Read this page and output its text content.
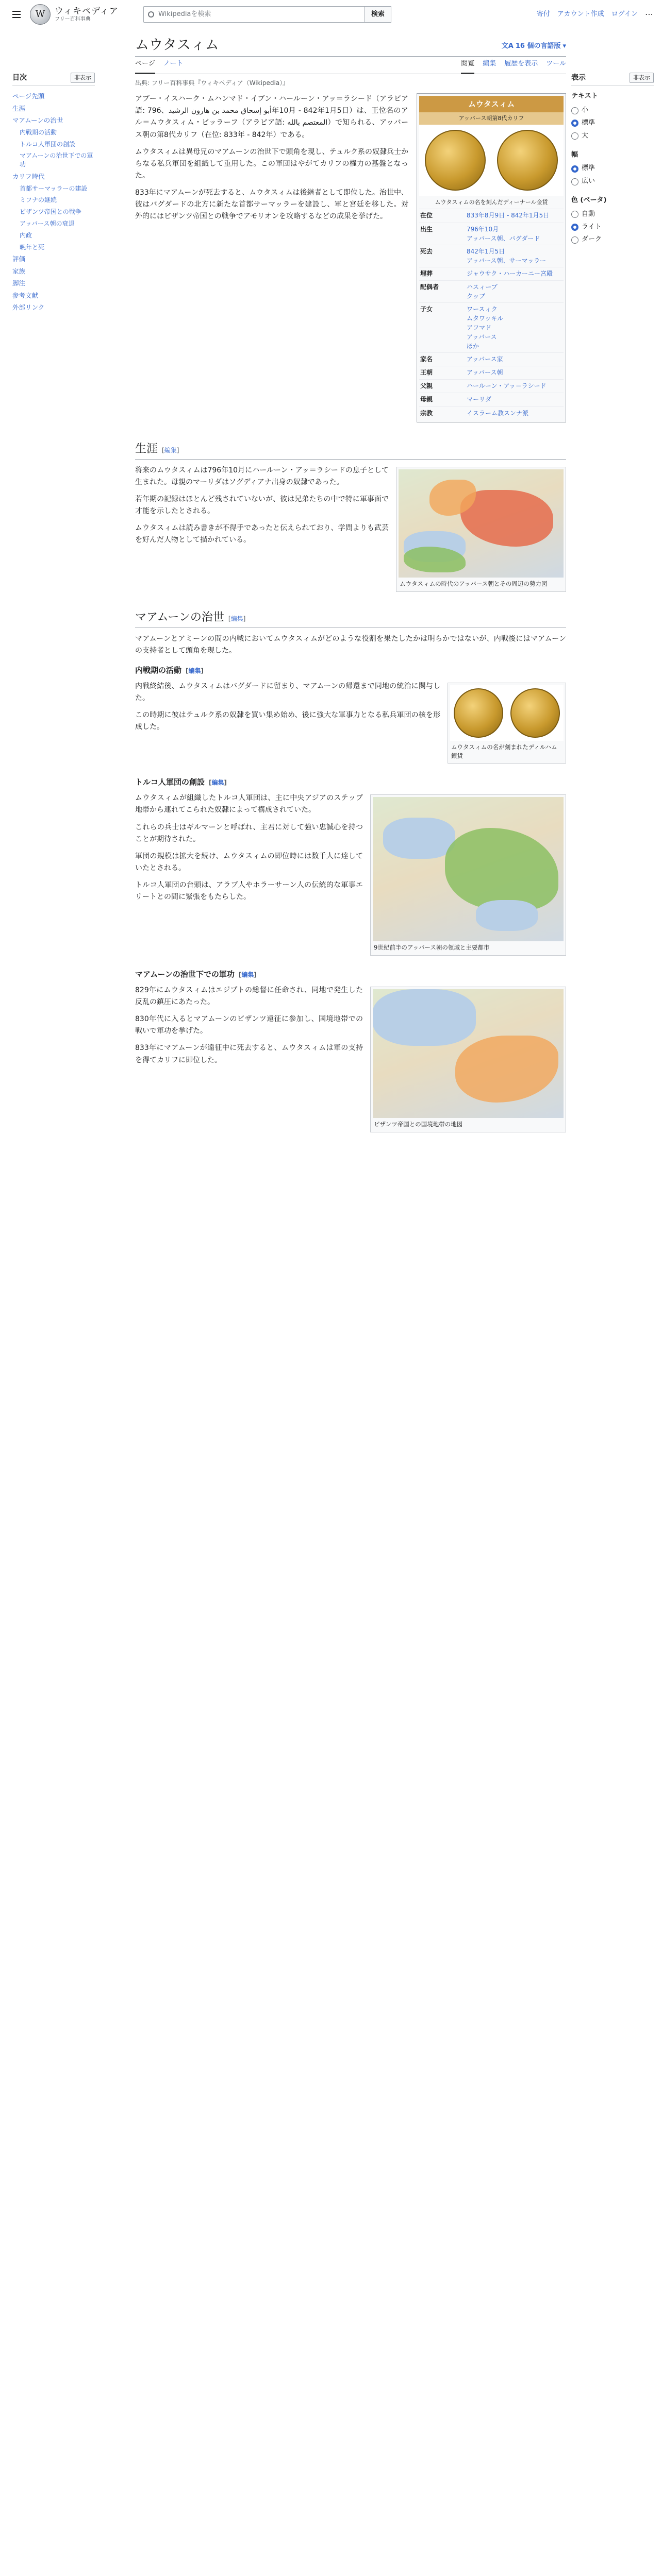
W	ウィキペディア
フリー百科事典
Wikipediaを検索	検索	寄付 アカウント作成 ログイン ⋯
目次	非表示
ページ先頭
生涯
マアムーンの治世
内戦期の活動
トルコ人軍団の創設
マアムーンの治世下での軍功
カリフ時代
首都サーマッラーの建設
ミフナの継続
ビザンツ帝国との戦争
アッバース朝の衰退
内政
晩年と死
評価
家族
脚注
参考文献
外部リンク
表示	非表示
テキスト
小
標準
大
幅
標準
広い
色 (ベータ)
自動
ライト
ダーク
ムウタスィム	文A 16 個の言語版 ▾
ページ ノート	閲覧 編集 履歴を表示 ツール
出典: フリー百科事典『ウィキペディア（Wikipedia）』
ムウタスィム
アッバース朝第8代カリフ
ムウタスィムの名を刻んだディーナール金貨
在位	833年8月9日 - 842年1月5日
出生	796年10月
アッバース朝、バグダード
死去	842年1月5日
アッバース朝、サーマッラー
埋葬	ジャウサク・ハーカーニー宮殿
配偶者	ハスィーブ
クッブ
子女	ワースィク
ムタワッキル
アフマド
アッバース
ほか
家名	アッバース家
王朝	アッバース朝
父親	ハールーン・アッ＝ラシード
母親	マーリダ
宗教	イスラーム教スンナ派

アブー・イスハーク・ムハンマド・イブン・ハールーン・アッ＝ラシード（アラビア語: أبو إسحاق محمد بن هارون الرشيد、796年10月 - 842年1月5日）は、王位名のアル＝ムウタスィム・ビッラーフ（アラビア語: المعتصم بالله）で知られる、アッバース朝の第8代カリフ（在位: 833年 - 842年）である。

ムウタスィムは異母兄のマアムーンの治世下で頭角を現し、テュルク系の奴隷兵士からなる私兵軍団を組織して重用した。この軍団はやがてカリフの権力の基盤となった。

833年にマアムーンが死去すると、ムウタスィムは後継者として即位した。治世中、彼はバグダードの北方に新たな首都サーマッラーを建設し、軍と宮廷を移した。対外的にはビザンツ帝国との戦争でアモリオンを攻略するなどの成果を挙げた。

生涯 [編集]
ムウタスィムの時代のアッバース朝とその周辺の勢力図

将来のムウタスィムは796年10月にハールーン・アッ＝ラシードの息子として生まれた。母親のマーリダはソグディアナ出身の奴隷であった。

若年期の記録はほとんど残されていないが、彼は兄弟たちの中で特に軍事面で才能を示したとされる。

ムウタスィムは読み書きが不得手であったと伝えられており、学問よりも武芸を好んだ人物として描かれている。

マアムーンの治世 [編集]

マアムーンとアミーンの間の内戦においてムウタスィムがどのような役割を果たしたかは明らかではないが、内戦後にはマアムーンの支持者として頭角を現した。

内戦期の活動 [編集]
ムウタスィムの名が刻まれたディルハム銀貨

内戦終結後、ムウタスィムはバグダードに留まり、マアムーンの帰還まで同地の統治に関与した。

この時期に彼はテュルク系の奴隷を買い集め始め、後に強大な軍事力となる私兵軍団の核を形成した。

トルコ人軍団の創設 [編集]
9世紀前半のアッバース朝の領域と主要都市

ムウタスィムが組織したトルコ人軍団は、主に中央アジアのステップ地帯から連れてこられた奴隷によって構成されていた。

これらの兵士はギルマーンと呼ばれ、主君に対して強い忠誠心を持つことが期待された。

軍団の規模は拡大を続け、ムウタスィムの即位時には数千人に達していたとされる。

トルコ人軍団の台頭は、アラブ人やホラーサーン人の伝統的な軍事エリートとの間に緊張をもたらした。

マアムーンの治世下での軍功 [編集]
ビザンツ帝国との国境地帯の地図

829年にムウタスィムはエジプトの総督に任命され、同地で発生した反乱の鎮圧にあたった。

830年代に入るとマアムーンのビザンツ遠征に参加し、国境地帯での戦いで軍功を挙げた。

833年にマアムーンが遠征中に死去すると、ムウタスィムは軍の支持を得てカリフに即位した。
